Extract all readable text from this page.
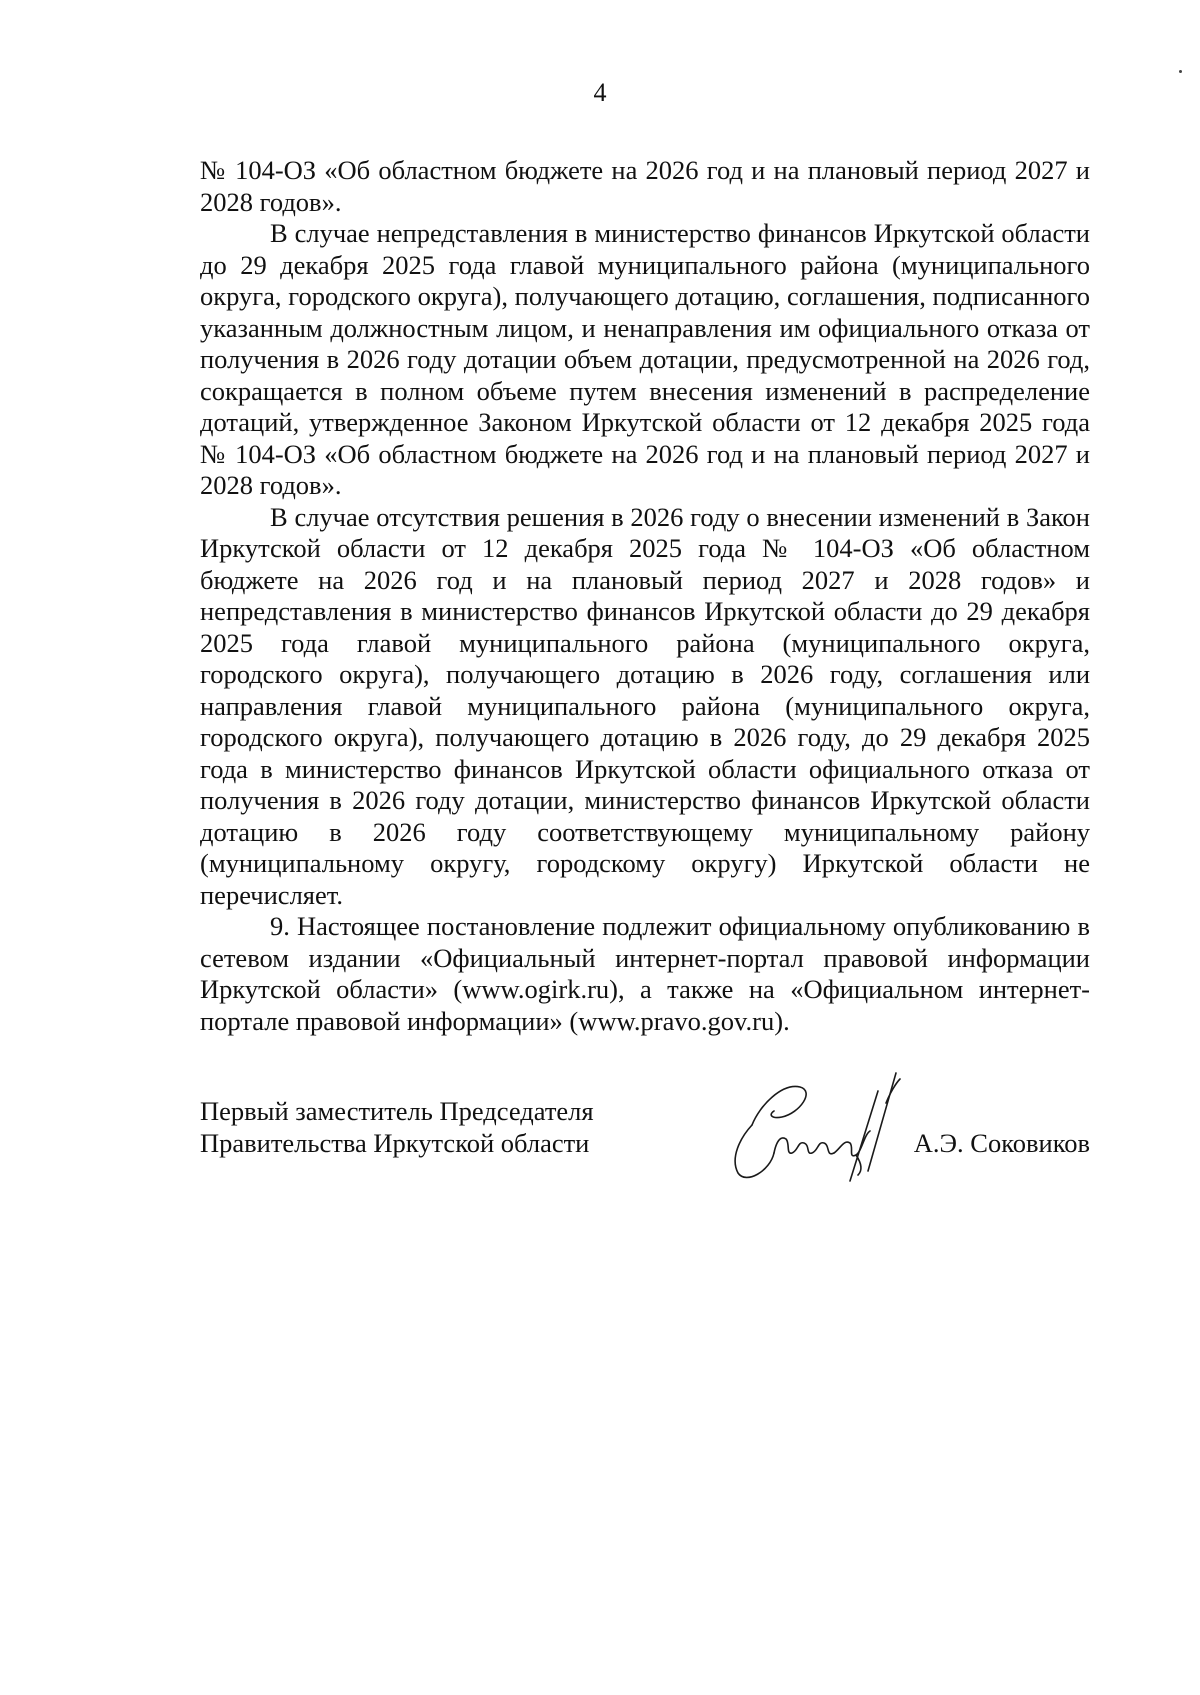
4

№ 104-ОЗ «Об областном бюджете на 2026 год и на плановый период 2027 и 2028 годов».

В случае непредставления в министерство финансов Иркутской области до 29 декабря 2025 года главой муниципального района (муниципального округа, городского округа), получающего дотацию, соглашения, подписанного указанным должностным лицом, и ненаправления им официального отказа от получения в 2026 году дотации объем дотации, предусмотренной на 2026 год, сокращается в полном объеме путем внесения изменений в распределение дотаций, утвержденное Законом Иркутской области от 12 декабря 2025 года № 104-ОЗ «Об областном бюджете на 2026 год и на плановый период 2027 и 2028 годов».

В случае отсутствия решения в 2026 году о внесении изменений в Закон Иркутской области от 12 декабря 2025 года № 104-ОЗ «Об областном бюджете на 2026 год и на плановый период 2027 и 2028 годов» и непредставления в министерство финансов Иркутской области до 29 декабря 2025 года главой муниципального района (муниципального округа, городского округа), получающего дотацию в 2026 году, соглашения или направления главой муниципального района (муниципального округа, городского округа), получающего дотацию в 2026 году, до 29 декабря 2025 года в министерство финансов Иркутской области официального отказа от получения в 2026 году дотации, министерство финансов Иркутской области дотацию в 2026 году соответствующему муниципальному району (муниципальному округу, городскому округу) Иркутской области не перечисляет.

9. Настоящее постановление подлежит официальному опубликованию в сетевом издании «Официальный интернет-портал правовой информации Иркутской области» (www.ogirk.ru), а также на «Официальном интернет-портале правовой информации» (www.pravo.gov.ru).

Первый заместитель Председателя
Правительства Иркутской области	А.Э. Соковиков
